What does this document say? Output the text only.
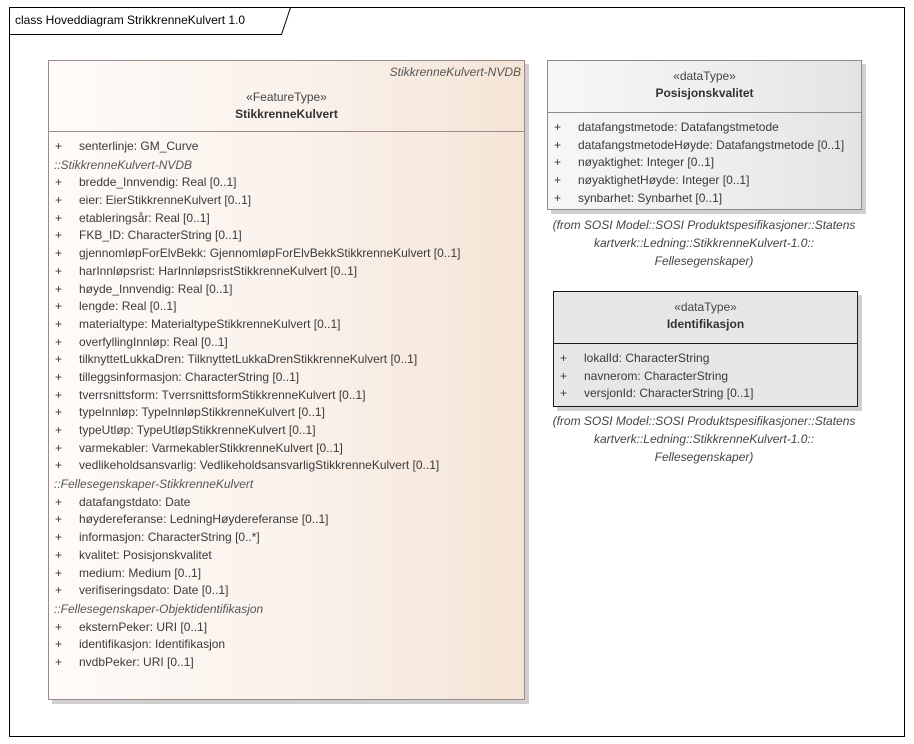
class Hoveddiagram StrikkrenneKulvert 1.0
StikkrenneKulvert-NVDB
«FeatureType»
StikkrenneKulvert
+ senterlinje: GM_Curve
::StikkrenneKulvert-NVDB
+ bredde_Innvendig: Real [0..1]
+ eier: EierStikkrenneKulvert [0..1]
+ etableringsår: Real [0..1]
+ FKB_ID: CharacterString [0..1]
+ gjennomløpForElvBekk: GjennomløpForElvBekkStikkrenneKulvert [0..1]
+ harInnløpsrist: HarInnløpsristStikkrenneKulvert [0..1]
+ høyde_Innvendig: Real [0..1]
+ lengde: Real [0..1]
+ materialtype: MaterialtypeStikkrenneKulvert [0..1]
+ overfyllingInnløp: Real [0..1]
+ tilknyttetLukkaDren: TilknyttetLukkaDrenStikkrenneKulvert [0..1]
+ tilleggsinformasjon: CharacterString [0..1]
+ tverrsnittsform: TverrsnittsformStikkrenneKulvert [0..1]
+ typeInnløp: TypeInnløpStikkrenneKulvert [0..1]
+ typeUtløp: TypeUtløpStikkrenneKulvert [0..1]
+ varmekabler: VarmekablerStikkrenneKulvert [0..1]
+ vedlikeholdsansvarlig: VedlikeholdsansvarligStikkrenneKulvert [0..1]
::Fellesegenskaper-StikkrenneKulvert
+ datafangstdato: Date
+ høydereferanse: LedningHøydereferanse [0..1]
+ informasjon: CharacterString [0..*]
+ kvalitet: Posisjonskvalitet
+ medium: Medium [0..1]
+ verifiseringsdato: Date [0..1]
::Fellesegenskaper-Objektidentifikasjon
+ eksternPeker: URI [0..1]
+ identifikasjon: Identifikasjon
+ nvdbPeker: URI [0..1]
«dataType»
Posisjonskvalitet
+ datafangstmetode: Datafangstmetode
+ datafangstmetodeHøyde: Datafangstmetode [0..1]
+ nøyaktighet: Integer [0..1]
+ nøyaktighetHøyde: Integer [0..1]
+ synbarhet: Synbarhet [0..1]
(from SOSI Model::SOSI Produktspesifikasjoner::Statens
kartverk::Ledning::StikkrenneKulvert-1.0::
Fellesegenskaper)
«dataType»
Identifikasjon
+ lokalId: CharacterString
+ navnerom: CharacterString
+ versjonId: CharacterString [0..1]
(from SOSI Model::SOSI Produktspesifikasjoner::Statens
kartverk::Ledning::StikkrenneKulvert-1.0::
Fellesegenskaper)
